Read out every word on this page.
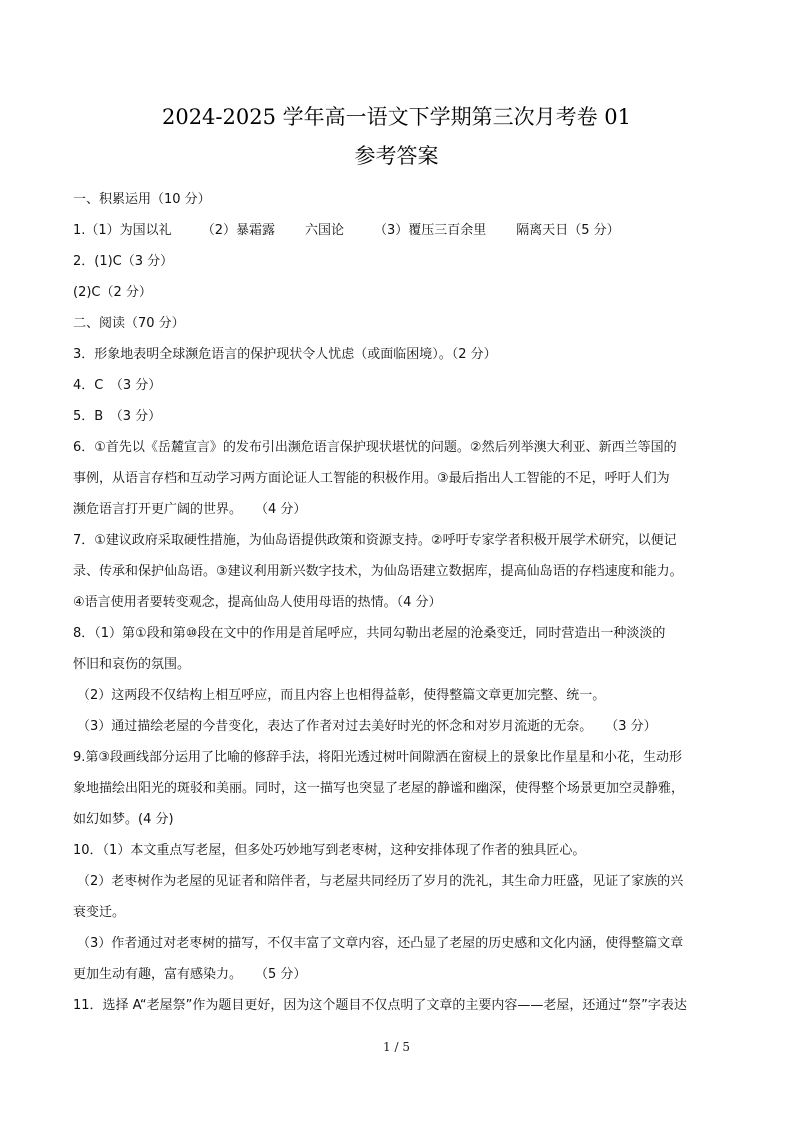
2024-2025 学年高一语文下学期第三次月考卷 01
参考答案

一、积累运用（10 分）

1.（1）为国以礼 （2）暴霜露 六国论 （3）覆压三百余里 隔离天日（5 分）

2．(1)C（3 分）

(2)C（2 分）

二、阅读（70 分）

3．形象地表明全球濒危语言的保护现状令人忧虑（或面临困境）。（2 分）

4．C　（3 分）

5．B　（3 分）

6．①首先以《岳麓宣言》的发布引出濒危语言保护现状堪忧的问题。②然后列举澳大利亚、新西兰等国的

事例，从语言存档和互动学习两方面论证人工智能的积极作用。③最后指出人工智能的不足，呼吁人们为

濒危语言打开更广阔的世界。　　（4 分）

7．①建议政府采取硬性措施，为仙岛语提供政策和资源支持。②呼吁专家学者积极开展学术研究，以便记

录、传承和保护仙岛语。③建议利用新兴数字技术，为仙岛语建立数据库，提高仙岛语的存档速度和能力。

④语言使用者要转变观念，提高仙岛人使用母语的热情。（4 分）

8．（1）第①段和第⑩段在文中的作用是首尾呼应，共同勾勒出老屋的沧桑变迁，同时营造出一种淡淡的

怀旧和哀伤的氛围。

（2）这两段不仅结构上相互呼应，而且内容上也相得益彰，使得整篇文章更加完整、统一。

（3）通过描绘老屋的今昔变化，表达了作者对过去美好时光的怀念和对岁月流逝的无奈。　　（3 分）

9.第③段画线部分运用了比喻的修辞手法，将阳光透过树叶间隙洒在窗棂上的景象比作星星和小花，生动形

象地描绘出阳光的斑驳和美丽。同时，这一描写也突显了老屋的静谧和幽深，使得整个场景更加空灵静雅，

如幻如梦。(4 分)

10．（1）本文重点写老屋，但多处巧妙地写到老枣树，这种安排体现了作者的独具匠心。

（2）老枣树作为老屋的见证者和陪伴者，与老屋共同经历了岁月的洗礼，其生命力旺盛，见证了家族的兴

衰变迁。

（3）作者通过对老枣树的描写，不仅丰富了文章内容，还凸显了老屋的历史感和文化内涵，使得整篇文章

更加生动有趣，富有感染力。　　（5 分）

11．选择 A“老屋祭”作为题目更好，因为这个题目不仅点明了文章的主要内容——老屋，还通过“祭”字表达

1 / 5
